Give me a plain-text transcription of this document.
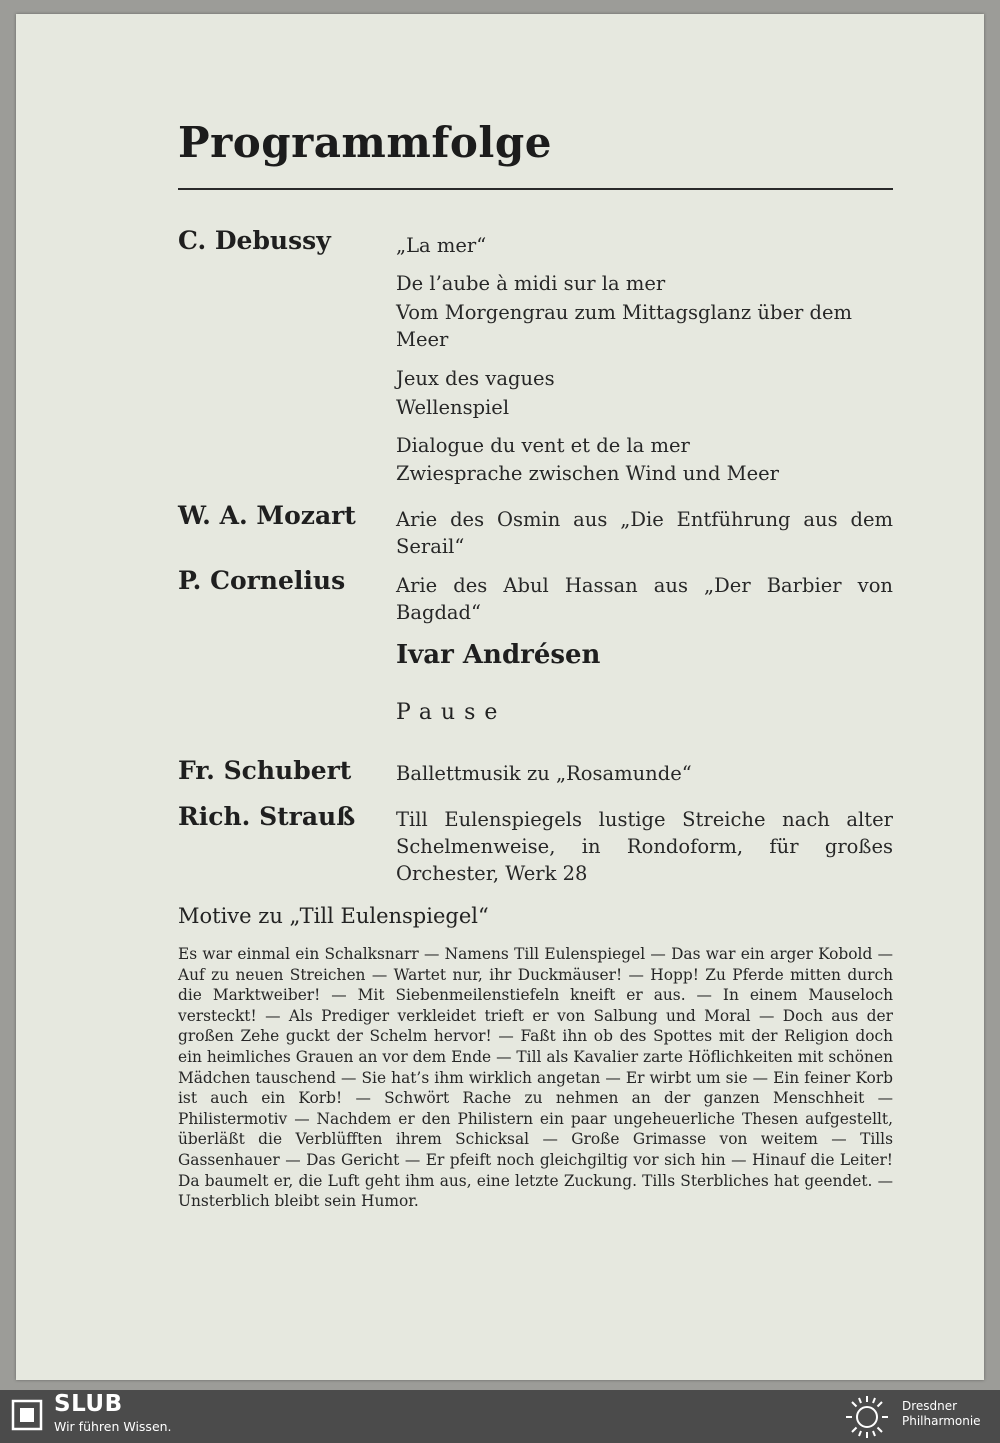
Programmfolge
C. Debussy	„La mer“
De l’aube à midi sur la mer
Vom Morgengrau zum Mittagsglanz über dem Meer
Jeux des vagues
Wellenspiel
Dialogue du vent et de la mer
Zwiesprache zwischen Wind und Meer
W. A. Mozart Arie des Osmin aus „Die Entführung aus dem Serail“
P. Cornelius	Arie des Abul Hassan aus „Der Barbier von Bagdad“
Ivar Andrésen
Pause
Fr. Schubert Ballettmusik zu „Rosamunde“
Rich. Strauß Till Eulenspiegels lustige Streiche nach alter Schelmenweise, in Rondoform, für großes Orchester, Werk 28
Motive zu „Till Eulenspiegel“
Es war einmal ein Schalksnarr — Namens Till Eulenspiegel — Das war ein arger Kobold — Auf zu neuen Streichen — Wartet nur, ihr Duckmäuser! — Hopp! Zu Pferde mitten durch die Marktweiber! — Mit Siebenmeilenstiefeln kneift er aus. — In einem Mauseloch versteckt! — Als Prediger verkleidet trieft er von Salbung und Moral — Doch aus der großen Zehe guckt der Schelm hervor! — Faßt ihn ob des Spottes mit der Religion doch ein heimliches Grauen an vor dem Ende — Till als Kavalier zarte Höflichkeiten mit schönen Mädchen tauschend — Sie hat’s ihm wirklich angetan — Er wirbt um sie — Ein feiner Korb ist auch ein Korb! — Schwört Rache zu nehmen an der ganzen Menschheit — Philistermotiv — Nachdem er den Philistern ein paar ungeheuerliche Thesen aufgestellt, überläßt die Verblüfften ihrem Schicksal — Große Grimasse von weitem — Tills Gassenhauer — Das Gericht — Er pfeift noch gleichgiltig vor sich hin — Hinauf die Leiter! Da baumelt er, die Luft geht ihm aus, eine letzte Zuckung. Tills Sterbliches hat geendet. — Unsterblich bleibt sein Humor.
SLUB
Wir führen Wissen.
Dresdner
Philharmonie
